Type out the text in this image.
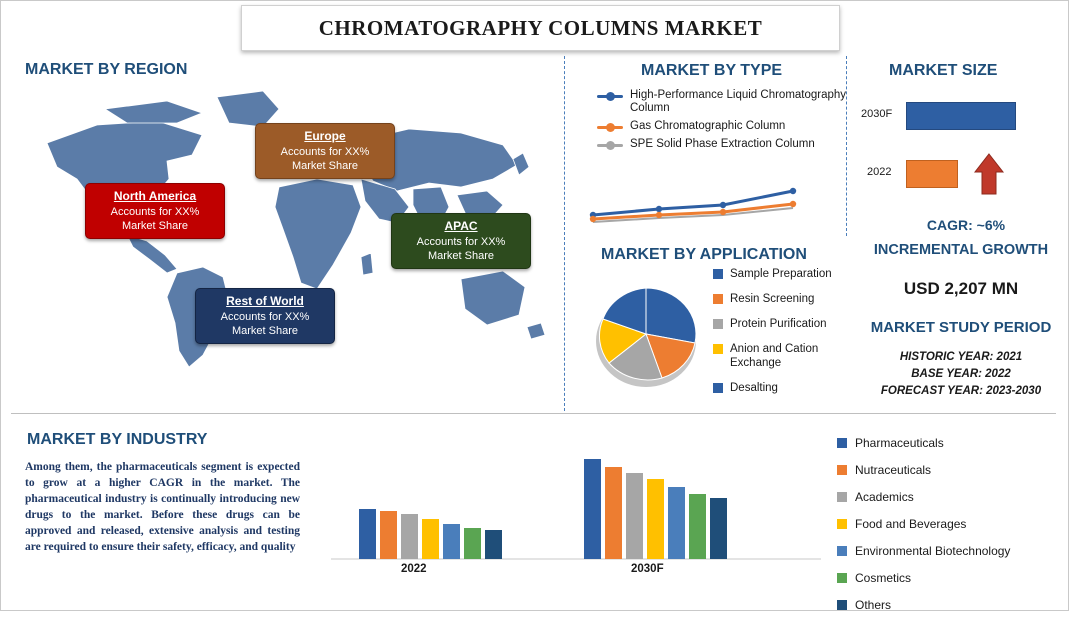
CHROMATOGRAPHY COLUMNS MARKET
MARKET BY REGION
North America
Accounts for XX%
Market Share
Europe
Accounts for XX%
Market Share
APAC
Accounts for XX%
Market Share
Rest of World
Accounts for XX%
Market Share
MARKET BY TYPE
High-Performance Liquid Chromatography Column
Gas Chromatographic Column
SPE Solid Phase Extraction Column
MARKET SIZE
2030F
2022
CAGR: ~6%
INCREMENTAL GROWTH
USD 2,207 MN
MARKET STUDY PERIOD
HISTORIC YEAR: 2021
BASE YEAR: 2022
FORECAST YEAR: 2023-2030
MARKET BY APPLICATION
Sample Preparation
Resin Screening
Protein Purification
Anion and Cation Exchange
Desalting
MARKET BY INDUSTRY
Among them, the pharmaceuticals segment is expected to grow at a higher CAGR in the market. The pharmaceutical industry is continually introducing new drugs to the market. Before these drugs can be approved and released, extensive analysis and testing are required to ensure their safety, efficacy, and quality
2022	2030F
Pharmaceuticals
Nutraceuticals
Academics
Food and Beverages
Environmental Biotechnology
Cosmetics
Others
